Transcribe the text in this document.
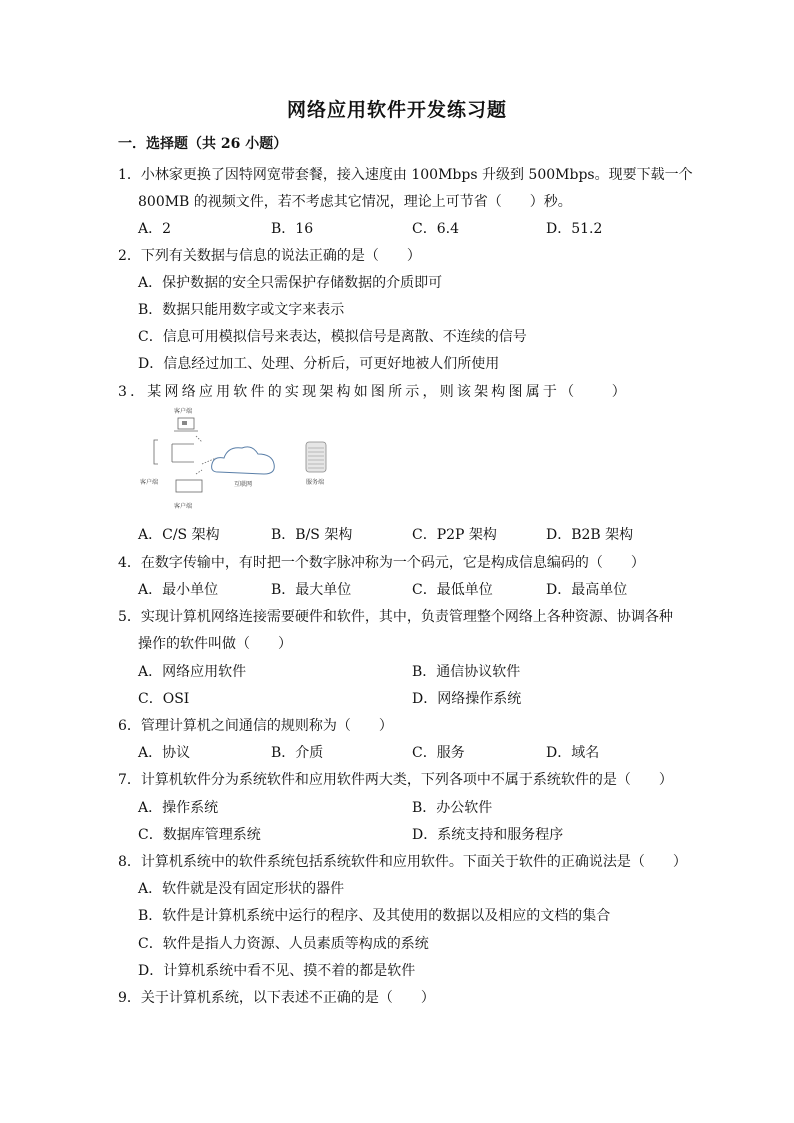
网络应用软件开发练习题
一．选择题（共 26 小题）
1．小林家更换了因特网宽带套餐，接入速度由 100Mbps 升级到 500Mbps。现要下载一个
800MB 的视频文件，若不考虑其它情况，理论上可节省（　　）秒。
A．2	B．16	C．6.4	D．51.2
2．下列有关数据与信息的说法正确的是（　　）
A．保护数据的安全只需保护存储数据的介质即可
B．数据只能用数字或文字来表示
C．信息可用模拟信号来表达，模拟信号是离散、不连续的信号
D．信息经过加工、处理、分析后，可更好地被人们所使用
3．某网络应用软件的实现架构如图所示，则该架构图属于（　　）
客户端
客户端
客户端
互联网	服务端
A．C/S 架构	B．B/S 架构	C．P2P 架构	D．B2B 架构
4．在数字传输中，有时把一个数字脉冲称为一个码元，它是构成信息编码的（　　）
A．最小单位	B．最大单位	C．最低单位	D．最高单位
5．实现计算机网络连接需要硬件和软件，其中，负责管理整个网络上各种资源、协调各种
操作的软件叫做（　　）
A．网络应用软件	B．通信协议软件
C．OSI	D．网络操作系统
6．管理计算机之间通信的规则称为（　　）
A．协议	B．介质	C．服务	D．域名
7．计算机软件分为系统软件和应用软件两大类，下列各项中不属于系统软件的是（　　）
A．操作系统	B．办公软件
C．数据库管理系统	D．系统支持和服务程序
8．计算机系统中的软件系统包括系统软件和应用软件。下面关于软件的正确说法是（　　）
A．软件就是没有固定形状的器件
B．软件是计算机系统中运行的程序、及其使用的数据以及相应的文档的集合
C．软件是指人力资源、人员素质等构成的系统
D．计算机系统中看不见、摸不着的都是软件
9．关于计算机系统，以下表述不正确的是（　　）
